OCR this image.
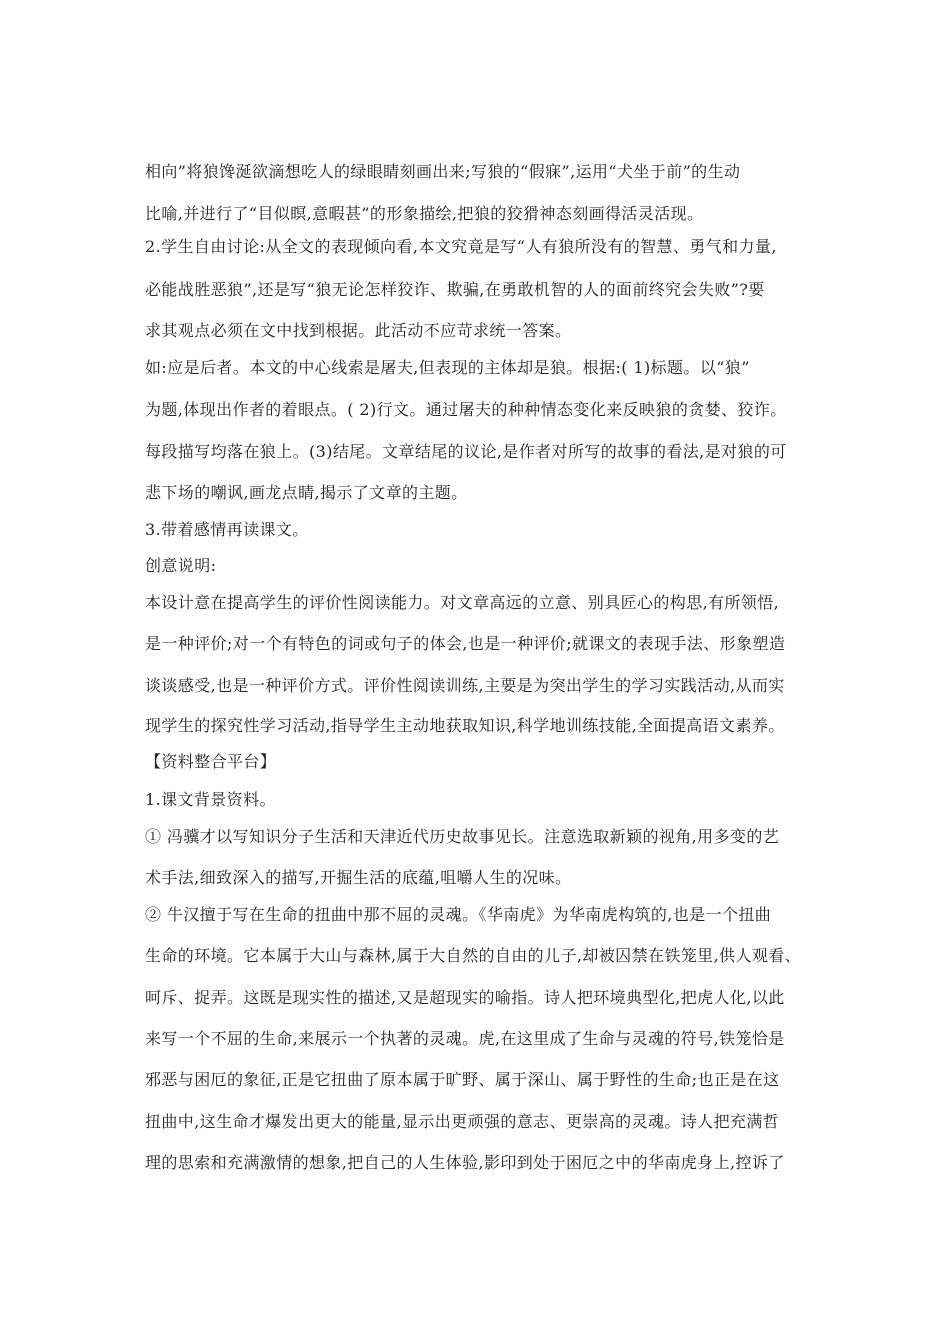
相向”将狼馋涎欲滴想吃人的绿眼睛刻画出来;写狼的“假寐”,运用“犬坐于前”的生动
比喻,并进行了“目似瞑,意暇甚”的形象描绘,把狼的狡猾神态刻画得活灵活现。
2.学生自由讨论:从全文的表现倾向看,本文究竟是写“人有狼所没有的智慧、勇气和力量,
必能战胜恶狼”,还是写“狼无论怎样狡诈、欺骗,在勇敢机智的人的面前终究会失败”?要
求其观点必须在文中找到根据。此活动不应苛求统一答案。
如:应是后者。本文的中心线索是屠夫,但表现的主体却是狼。根据:( 1)标题。以“狼”
为题,体现出作者的着眼点。( 2)行文。通过屠夫的种种情态变化来反映狼的贪婪、狡诈。
每段描写均落在狼上。(3)结尾。文章结尾的议论,是作者对所写的故事的看法,是对狼的可
悲下场的嘲讽,画龙点睛,揭示了文章的主题。
3.带着感情再读课文。
创意说明:
本设计意在提高学生的评价性阅读能力。对文章高远的立意、别具匠心的构思,有所领悟,
是一种评价;对一个有特色的词或句子的体会,也是一种评价;就课文的表现手法、形象塑造
谈谈感受,也是一种评价方式。评价性阅读训练,主要是为突出学生的学习实践活动,从而实
现学生的探究性学习活动,指导学生主动地获取知识,科学地训练技能,全面提高语文素养。
【资料整合平台】
1.课文背景资料。
① 冯骥才以写知识分子生活和天津近代历史故事见长。注意选取新颖的视角,用多变的艺
术手法,细致深入的描写,开掘生活的底蕴,咀嚼人生的况味。
② 牛汉擅于写在生命的扭曲中那不屈的灵魂。《华南虎》为华南虎构筑的,也是一个扭曲
生命的环境。它本属于大山与森林,属于大自然的自由的儿子,却被囚禁在铁笼里,供人观看、
呵斥、捉弄。这既是现实性的描述,又是超现实的喻指。诗人把环境典型化,把虎人化,以此
来写一个不屈的生命,来展示一个执著的灵魂。虎,在这里成了生命与灵魂的符号,铁笼恰是
邪恶与困厄的象征,正是它扭曲了原本属于旷野、属于深山、属于野性的生命;也正是在这
扭曲中,这生命才爆发出更大的能量,显示出更顽强的意志、更崇高的灵魂。诗人把充满哲
理的思索和充满激情的想象,把自己的人生体验,影印到处于困厄之中的华南虎身上,控诉了
